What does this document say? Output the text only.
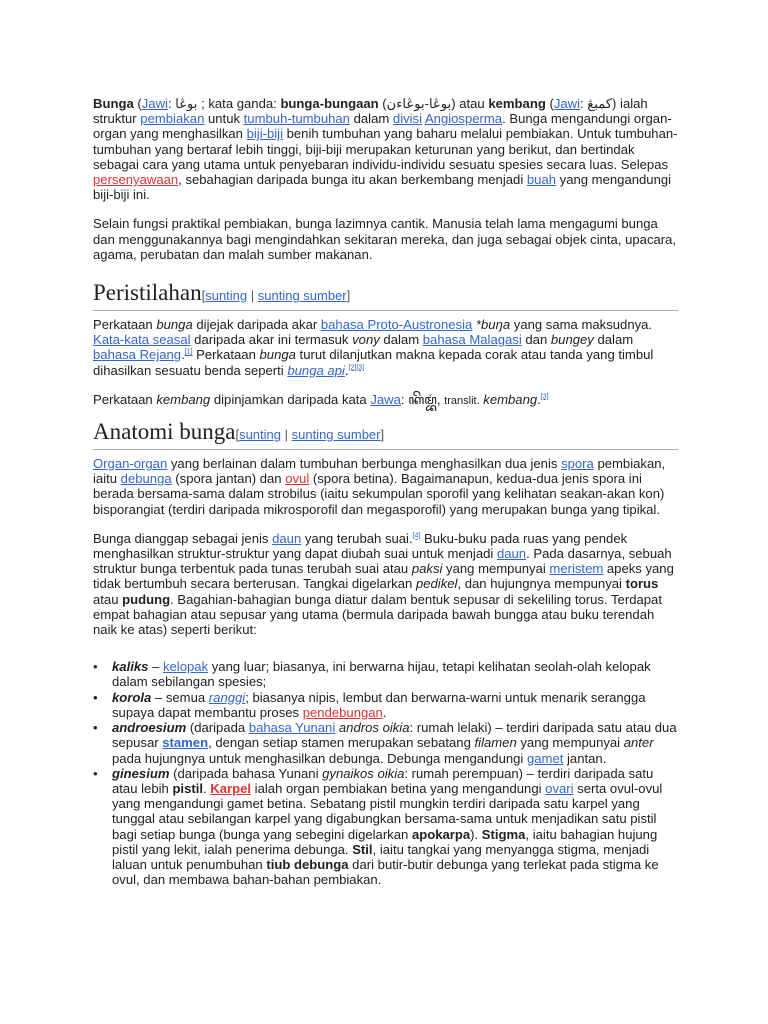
Bunga (Jawi: بوڠا ; kata ganda: bunga-bungaan (بوڠا-بوڠاءن) atau kembang (Jawi: كمبڠ) ialah struktur pembiakan untuk tumbuh-tumbuhan dalam divisi Angiosperma. Bunga mengandungi organ-organ yang menghasilkan biji-biji benih tumbuhan yang baharu melalui pembiakan. Untuk tumbuhan-tumbuhan yang bertaraf lebih tinggi, biji-biji merupakan keturunan yang berikut, dan bertindak sebagai cara yang utama untuk penyebaran individu-individu sesuatu spesies secara luas. Selepas persenyawaan, sebahagian daripada bunga itu akan berkembang menjadi buah yang mengandungi biji-biji ini.

Selain fungsi praktikal pembiakan, bunga lazimnya cantik. Manusia telah lama mengagumi bunga dan menggunakannya bagi mengindahkan sekitaran mereka, dan juga sebagai objek cinta, upacara, agama, perubatan dan malah sumber makanan.

Peristilahan[sunting | sunting sumber]

Perkataan bunga dijejak daripada akar bahasa Proto-Austronesia *buŋa yang sama maksudnya. Kata-kata seasal daripada akar ini termasuk vony dalam bahasa Malagasi dan bungey dalam bahasa Rejang.[1] Perkataan bunga turut dilanjutkan makna kepada corak atau tanda yang timbul dihasilkan sesuatu benda seperti bunga api.[2][3]

Perkataan kembang dipinjamkan daripada kata Jawa: ꦏꦼꦩ꧀ꦧꦁ, translit. kembang.[3]

Anatomi bunga[sunting | sunting sumber]

Organ-organ yang berlainan dalam tumbuhan berbunga menghasilkan dua jenis spora pembiakan, iaitu debunga (spora jantan) dan ovul (spora betina). Bagaimanapun, kedua-dua jenis spora ini berada bersama-sama dalam strobilus (iaitu sekumpulan sporofil yang kelihatan seakan-akan kon) bisporangiat (terdiri daripada mikrosporofil dan megasporofil) yang merupakan bunga yang tipikal.

Bunga dianggap sebagai jenis daun yang terubah suai.[4] Buku-buku pada ruas yang pendek menghasilkan struktur-struktur yang dapat diubah suai untuk menjadi daun. Pada dasarnya, sebuah struktur bunga terbentuk pada tunas terubah suai atau paksi yang mempunyai meristem apeks yang tidak bertumbuh secara berterusan. Tangkai digelarkan pedikel, dan hujungnya mempunyai torus atau pudung. Bagahian-bahagian bunga diatur dalam bentuk sepusar di sekeliling torus. Terdapat empat bahagian atau sepusar yang utama (bermula daripada bawah bungga atau buku terendah naik ke atas) seperti berikut:

• kaliks – kelopak yang luar; biasanya, ini berwarna hijau, tetapi kelihatan seolah-olah kelopak dalam sebilangan spesies;
• korola – semua ranggi; biasanya nipis, lembut dan berwarna-warni untuk menarik serangga supaya dapat membantu proses pendebungan.
• androesium (daripada bahasa Yunani andros oikia: rumah lelaki) – terdiri daripada satu atau dua sepusar stamen, dengan setiap stamen merupakan sebatang filamen yang mempunyai anter pada hujungnya untuk menghasilkan debunga. Debunga mengandungi gamet jantan.
• ginesium (daripada bahasa Yunani gynaikos oikia: rumah perempuan) – terdiri daripada satu atau lebih pistil. Karpel ialah organ pembiakan betina yang mengandungi ovari serta ovul-ovul yang mengandungi gamet betina. Sebatang pistil mungkin terdiri daripada satu karpel yang tunggal atau sebilangan karpel yang digabungkan bersama-sama untuk menjadikan satu pistil bagi setiap bunga (bunga yang sebegini digelarkan apokarpa). Stigma, iaitu bahagian hujung pistil yang lekit, ialah penerima debunga. Stil, iaitu tangkai yang menyangga stigma, menjadi laluan untuk penumbuhan tiub debunga dari butir-butir debunga yang terlekat pada stigma ke ovul, dan membawa bahan-bahan pembiakan.
